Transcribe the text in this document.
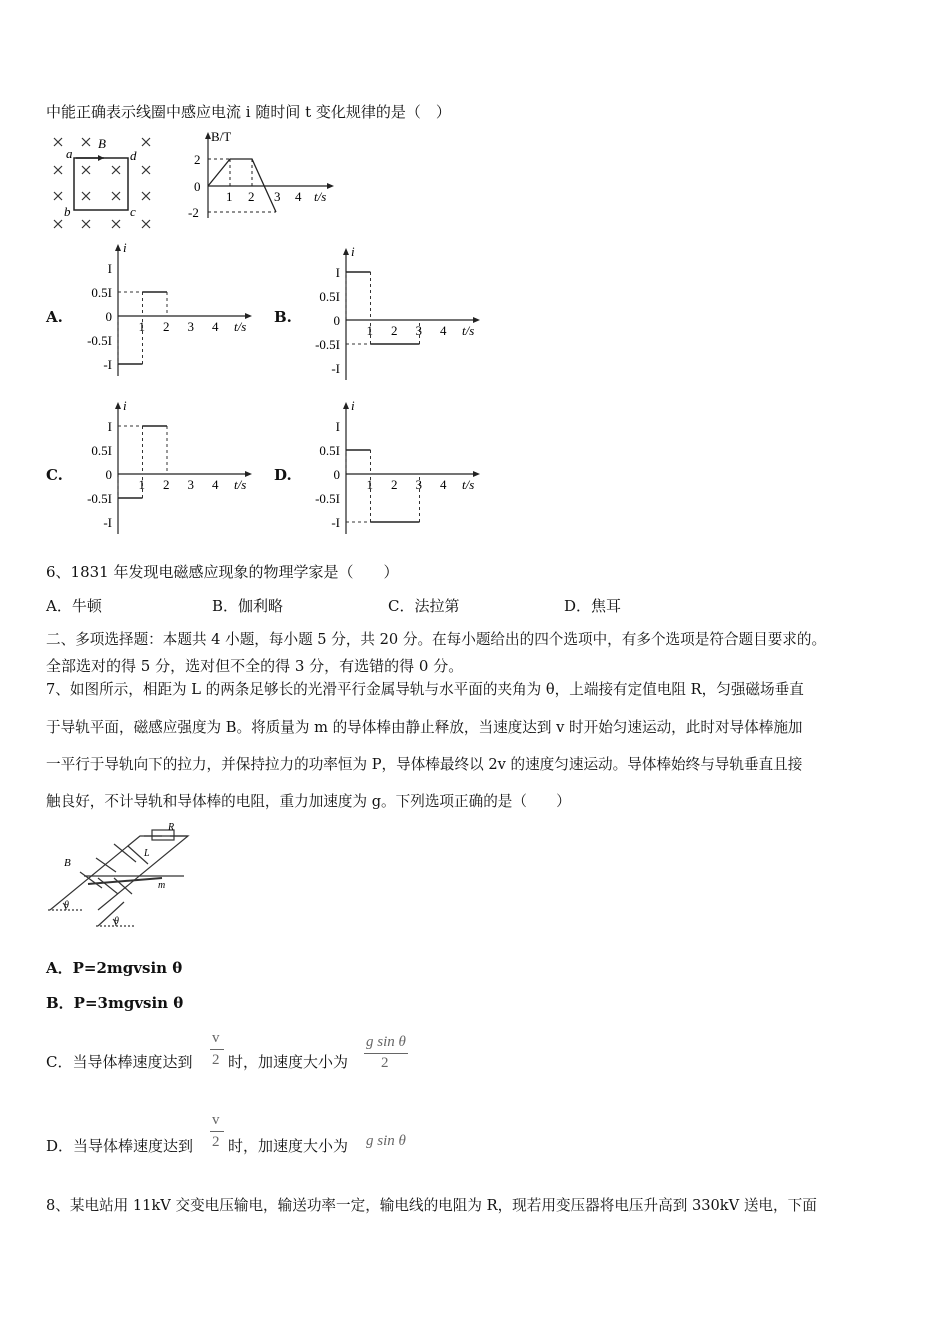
中能正确表示线圈中感应电流 i 随时间 t 变化规律的是（　）
a
B
d
b	c
B/T
2
0
-2
1 2 3 4 t/s
A.	B.
C.	D.
i
I
0.5I
0
-0.5I
-I
1 2 3 4 t/s
i
I
0.5I
0
-0.5I
-I
1 2 3 4 t/s
i
I
0.5I
0
-0.5I
-I
1 2 3 4 t/s
i
I
0.5I
0
-0.5I
-I
1 2 3 4 t/s
6、1831 年发现电磁感应现象的物理学家是（　　）
A．牛顿	B．伽利略	C．法拉第	D．焦耳
二、多项选择题：本题共 4 小题，每小题 5 分，共 20 分。在每小题给出的四个选项中，有多个选项是符合题目要求的。
全部选对的得 5 分，选对但不全的得 3 分，有选错的得 0 分。
7、如图所示，相距为 L 的两条足够长的光滑平行金属导轨与水平面的夹角为 θ，上端接有定值电阻 R，匀强磁场垂直
于导轨平面，磁感应强度为 B。将质量为 m 的导体棒由静止释放，当速度达到 v 时开始匀速运动，此时对导体棒施加
一平行于导轨向下的拉力，并保持拉力的功率恒为 P，导体棒最终以 2v 的速度匀速运动。导体棒始终与导轨垂直且接
触良好，不计导轨和导体棒的电阻，重力加速度为 g。下列选项正确的是（　　）
B
R
L
m
θ
θ
A．P=2mgvsin θ
B．P=3mgvsin θ
C．当导体棒速度达到
v
2 时，加速度大小为
g sin θ
2
D．当导体棒速度达到
v
2 时，加速度大小为 g sin θ
8、某电站用 11kV 交变电压输电，输送功率一定，输电线的电阻为 R，现若用变压器将电压升高到 330kV 送电，下面
